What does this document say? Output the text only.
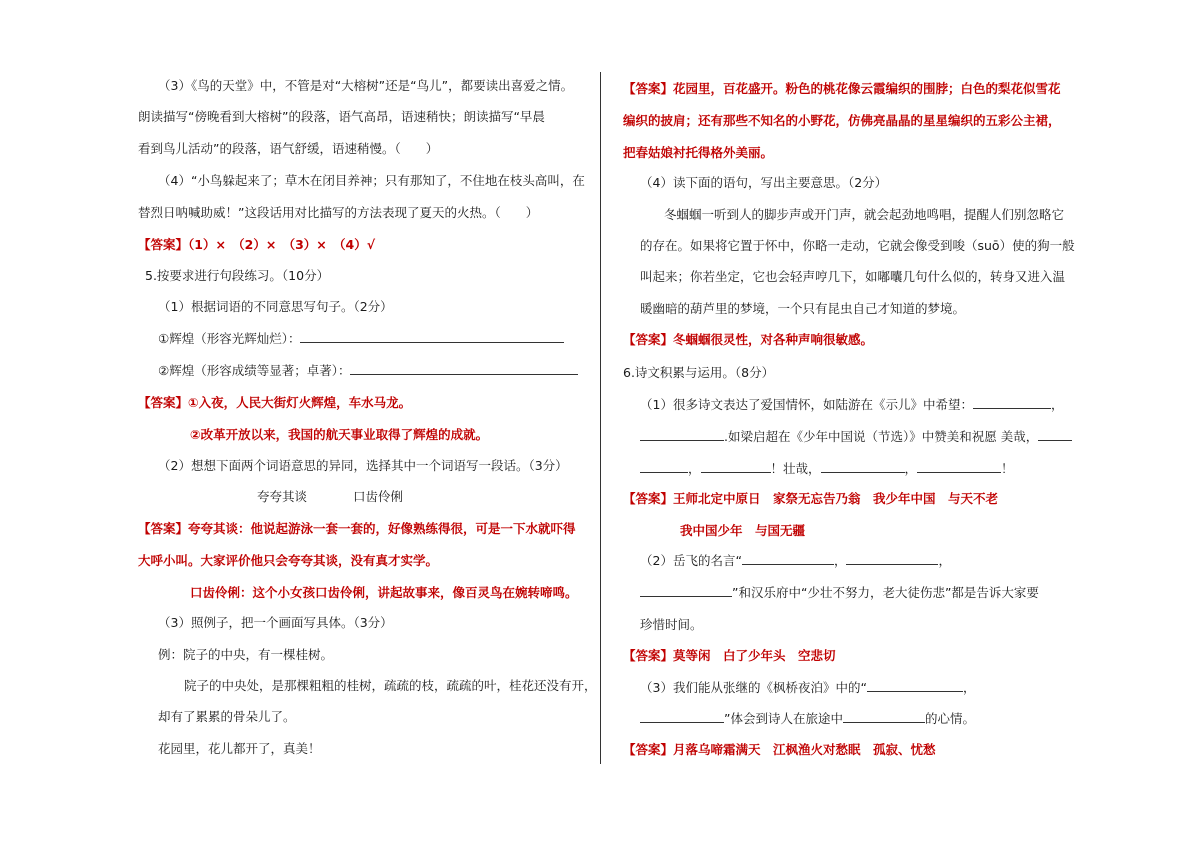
（3）《鸟的天堂》中，不管是对“大榕树”还是“鸟儿”，都要读出喜爱之情。
朗读描写“傍晚看到大榕树”的段落，语气高昂，语速稍快；朗读描写“早晨
看到鸟儿活动”的段落，语气舒缓，语速稍慢。（　　）
（4）“小鸟躲起来了；草木在闭目养神；只有那知了，不住地在枝头高叫，在
替烈日呐喊助威！”这段话用对比描写的方法表现了夏天的火热。（　　）
【答案】（1）×　（2）×　（3）×　（4）√
5.按要求进行句段练习。（10分）
（1）根据词语的不同意思写句子。（2分）
①辉煌（形容光辉灿烂）：
②辉煌（形容成绩等显著；卓著）：
【答案】①入夜，人民大街灯火辉煌，车水马龙。
②改革开放以来，我国的航天事业取得了辉煌的成就。
（2）想想下面两个词语意思的异同，选择其中一个词语写一段话。（3分）
夸夸其谈	口齿伶俐
【答案】夸夸其谈：他说起游泳一套一套的，好像熟练得很，可是一下水就吓得
大呼小叫。大家评价他只会夸夸其谈，没有真才实学。
口齿伶俐：这个小女孩口齿伶俐，讲起故事来，像百灵鸟在婉转啼鸣。
（3）照例子，把一个画面写具体。（3分）
例：院子的中央，有一棵桂树。
院子的中央处，是那棵粗粗的桂树，疏疏的枝，疏疏的叶，桂花还没有开，
却有了累累的骨朵儿了。
花园里，花儿都开了，真美！
【答案】花园里，百花盛开。粉色的桃花像云霞编织的围脖；白色的梨花似雪花
编织的披肩；还有那些不知名的小野花，仿佛亮晶晶的星星编织的五彩公主裙，
把春姑娘衬托得格外美丽。
（4）读下面的语句，写出主要意思。（2分）
冬蝈蝈一听到人的脚步声或开门声，就会起劲地鸣唱，提醒人们别忽略它
的存在。如果将它置于怀中，你略一走动，它就会像受到唆（suō）使的狗一般
叫起来；你若坐定，它也会轻声哼几下，如嘟囔几句什么似的，转身又进入温
暖幽暗的葫芦里的梦境，一个只有昆虫自己才知道的梦境。
【答案】冬蝈蝈很灵性，对各种声响很敏感。
6.诗文积累与运用。（8分）
（1）很多诗文表达了爱国情怀，如陆游在《示儿》中希望：	，
.如梁启超在《少年中国说（节选）》中赞美和祝愿 美哉，
，	！壮哉，	，	！
【答案】王师北定中原日　家祭无忘告乃翁　我少年中国　与天不老
我中国少年　与国无疆
（2）岳飞的名言“	，	，
”和汉乐府中“少壮不努力，老大徒伤悲”都是告诉大家要
珍惜时间。
【答案】莫等闲　白了少年头　空悲切
（3）我们能从张继的《枫桥夜泊》中的“	，
”体会到诗人在旅途中	的心情。
【答案】月落乌啼霜满天　江枫渔火对愁眠　孤寂、忧愁
